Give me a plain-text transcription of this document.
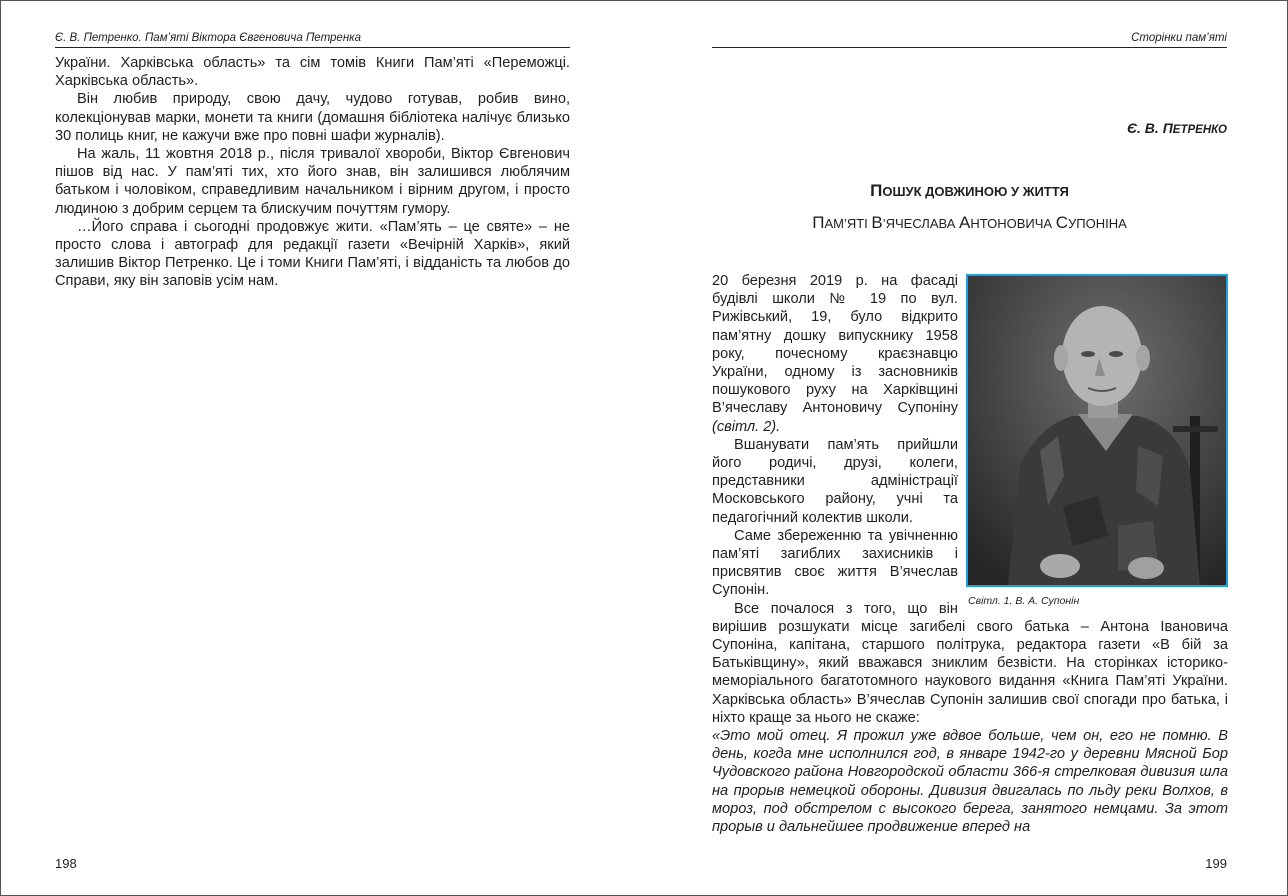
Є. В. Петренко. Пам’яті Віктора Євгеновича Петренка

України. Харківська область» та сім томів Книги Пам’яті «Переможці. Харківська область».

Він любив природу, свою дачу, чудово готував, робив вино, колекціонував марки, монети та книги (домашня бібліотека налічує близько 30 полиць книг, не кажучи вже про повні шафи журналів).

На жаль, 11 жовтня 2018 р., після тривалої хвороби, Віктор Євгенович пішов від нас. У пам’яті тих, хто його знав, він залишився люблячим батьком і чоловіком, справедливим начальником і вірним другом, і просто людиною з добрим серцем та блискучим почуттям гумору.

…Його справа і сьогодні продовжує жити. «Пам’ять – це святе» – не просто слова і автограф для редакції газети «Вечірній Харків», який залишив Віктор Петренко. Це і томи Книги Пам’яті, і відданість та любов до Справи, яку він заповів усім нам.

198
Сторінки пам’яті
Є. В. ПЕТРЕНКО
ПОШУК ДОВЖИНОЮ У ЖИТТЯ
ПАМ’ЯТІ В’ЯЧЕСЛАВА АНТОНОВИЧА СУПОНІНА
Світл. 1. В. А. Супонін

20 березня 2019 р. на фасаді будівлі школи № 19 по вул. Рижівський, 19, було відкрито пам’ятну дошку випускнику 1958 року, почесному краєзнавцю України, одному із засновників пошукового руху на Харківщині В’ячеславу Антоновичу Супоніну (світл. 2).

Вшанувати пам’ять прийшли його родичі, друзі, колеги, представники адміністрації Московського району, учні та педагогічний колектив школи.

Саме збереженню та увічненню пам’яті загиблих захисників і присвятив своє життя В’ячеслав Супонін.

Все почалося з того, що він вирішив розшукати місце загибелі свого батька – Антона Івановича Супоніна, капітана, старшого політрука, редактора газети «В бій за Батьківщину», який вважався зниклим безвісти. На сторінках історико-меморіального багатотомного наукового видання «Книга Пам’яті України. Харківська область» В’ячеслав Супонін залишив свої спогади про батька, і ніхто краще за нього не скаже:

«Это мой отец. Я прожил уже вдвое больше, чем он, его не помню. В день, когда мне исполнился год, в январе 1942-го у деревни Мясной Бор Чудовского района Новгородской области 366-я стрелковая дивизия шла на прорыв немецкой обороны. Дивизия двигалась по льду реки Волхов, в мороз, под обстрелом с высокого берега, занятого немцами. За этот прорыв и дальнейшее продвижение вперед на

199
